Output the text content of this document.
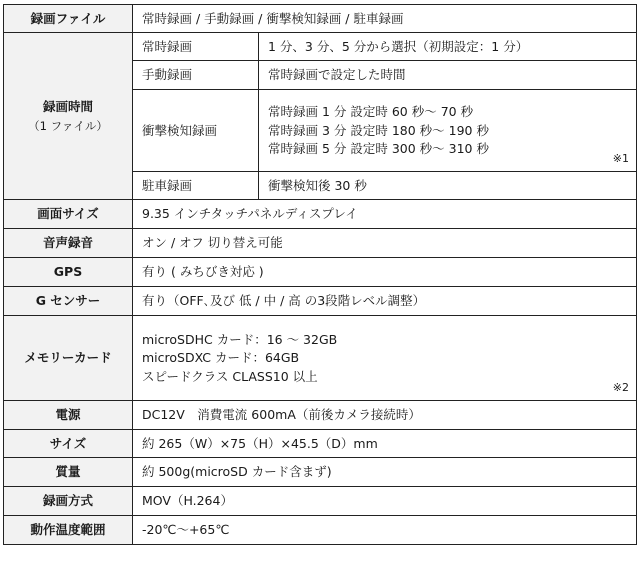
録画ファイル	常時録画 / 手動録画 / 衝撃検知録画 / 駐車録画	
録画時間
（1 ファイル）	常時録画	1 分、3 分、5 分から選択（初期設定：1 分）
	手動録画	常時録画で設定した時間
	衝撃検知録画	常時録画 1 分 設定時 60 秒〜 70 秒
常時録画 3 分 設定時 180 秒〜 190 秒
常時録画 5 分 設定時 300 秒〜 310 秒
※1

	駐車録画	衝撃検知後 30 秒
画面サイズ	9.35 インチタッチパネルディスプレイ	
音声録音	オン / オフ 切り替え可能	
GPS	有り ( みちびき対応 )	
G センサー	有り（OFF､及び 低 / 中 / 高 の3段階レベル調整）	
メモリーカード	microSDHC カード：16 〜 32GB
microSDXC カード：64GB
スピードクラス CLASS10 以上
※2	

電源	DC12V　消費電流 600mA（前後カメラ接続時）	
サイズ	約 265（W）×75（H）×45.5（D）mm	
質量	約 500g(microSD カード含まず)	
録画方式	MOV（H.264）	
動作温度範囲	-20℃〜+65℃	
